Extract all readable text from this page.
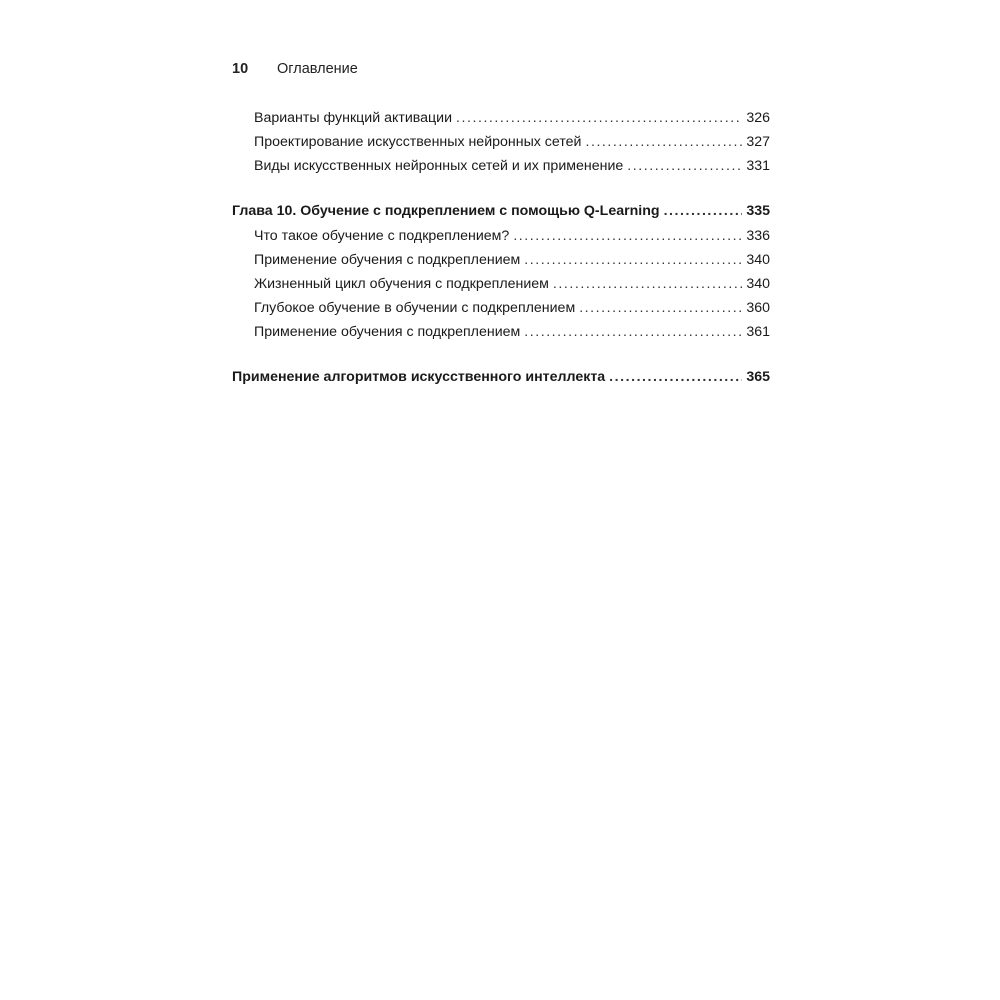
10	Оглавление
Варианты функций активации . . .	326
Проектирование искусственных нейронных сетей . . .	327
Виды искусственных нейронных сетей и их применение . . .	331
Глава 10. Обучение с подкреплением с помощью Q-Learning . . .	335
Что такое обучение с подкреплением? . . .	336
Применение обучения с подкреплением . . .	340
Жизненный цикл обучения с подкреплением . . .	340
Глубокое обучение в обучении с подкреплением . . .	360
Применение обучения с подкреплением . . .	361
Применение алгоритмов искусственного интеллекта . . .	365
